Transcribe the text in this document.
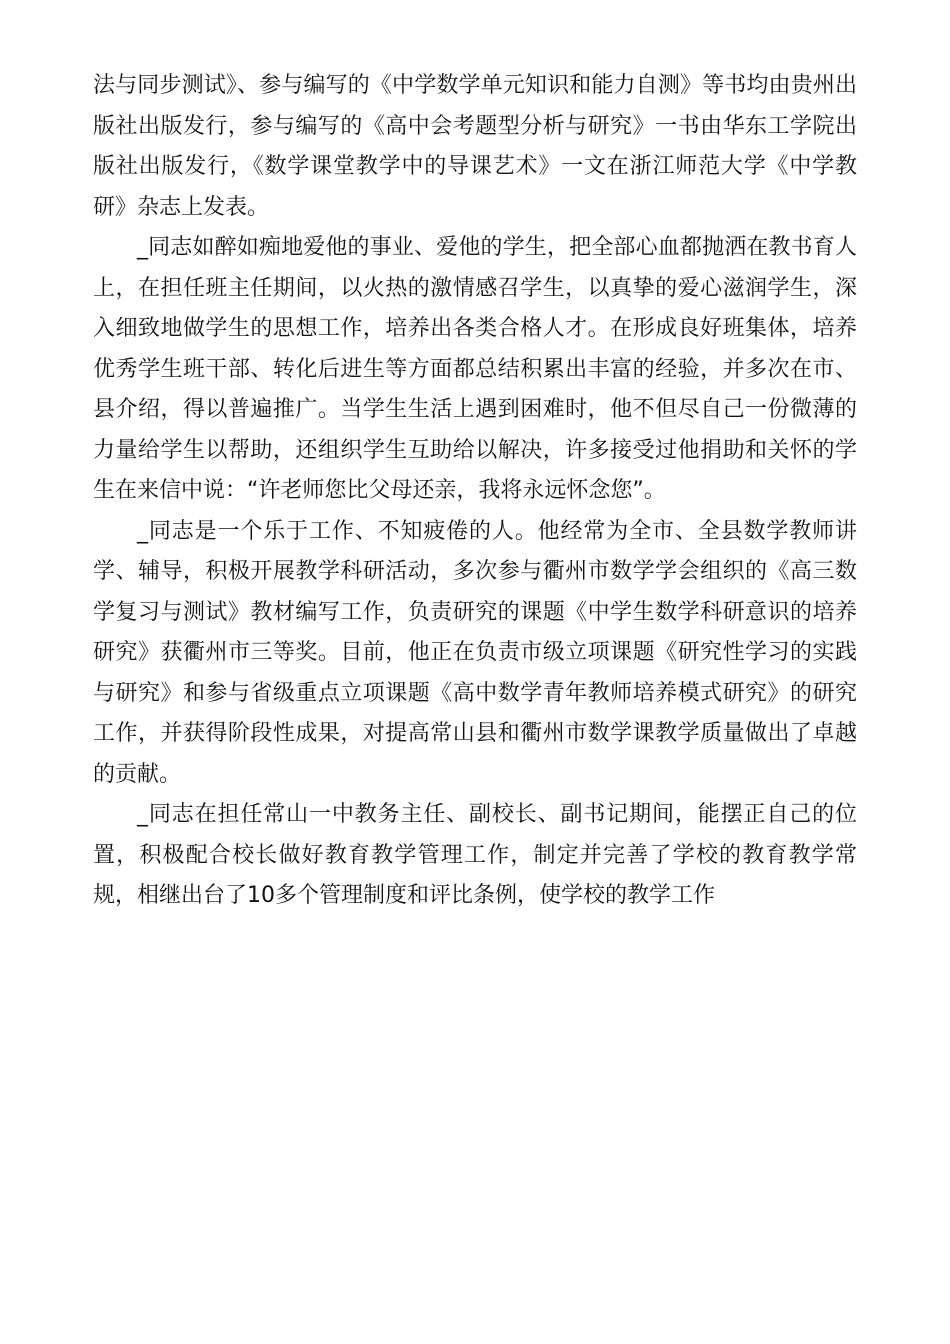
法与同步测试》、参与编写的《中学数学单元知识和能力自测》等书均由贵州出版社出版发行，参与编写的《高中会考题型分析与研究》一书由华东工学院出版社出版发行，《数学课堂教学中的导课艺术》一文在浙江师范大学《中学教研》杂志上发表。

_同志如醉如痴地爱他的事业、爱他的学生，把全部心血都抛洒在教书育人上，在担任班主任期间，以火热的激情感召学生，以真挚的爱心滋润学生，深入细致地做学生的思想工作，培养出各类合格人才。在形成良好班集体，培养优秀学生班干部、转化后进生等方面都总结积累出丰富的经验，并多次在市、县介绍，得以普遍推广。当学生生活上遇到困难时，他不但尽自己一份微薄的力量给学生以帮助，还组织学生互助给以解决，许多接受过他捐助和关怀的学生在来信中说：“许老师您比父母还亲，我将永远怀念您”。

_同志是一个乐于工作、不知疲倦的人。他经常为全市、全县数学教师讲学、辅导，积极开展教学科研活动，多次参与衢州市数学学会组织的《高三数学复习与测试》教材编写工作，负责研究的课题《中学生数学科研意识的培养研究》获衢州市三等奖。目前，他正在负责市级立项课题《研究性学习的实践与研究》和参与省级重点立项课题《高中数学青年教师培养模式研究》的研究工作，并获得阶段性成果，对提高常山县和衢州市数学课教学质量做出了卓越的贡献。

_同志在担任常山一中教务主任、副校长、副书记期间，能摆正自己的位置，积极配合校长做好教育教学管理工作，制定并完善了学校的教育教学常规，相继出台了10多个管理制度和评比条例，使学校的教学工作
